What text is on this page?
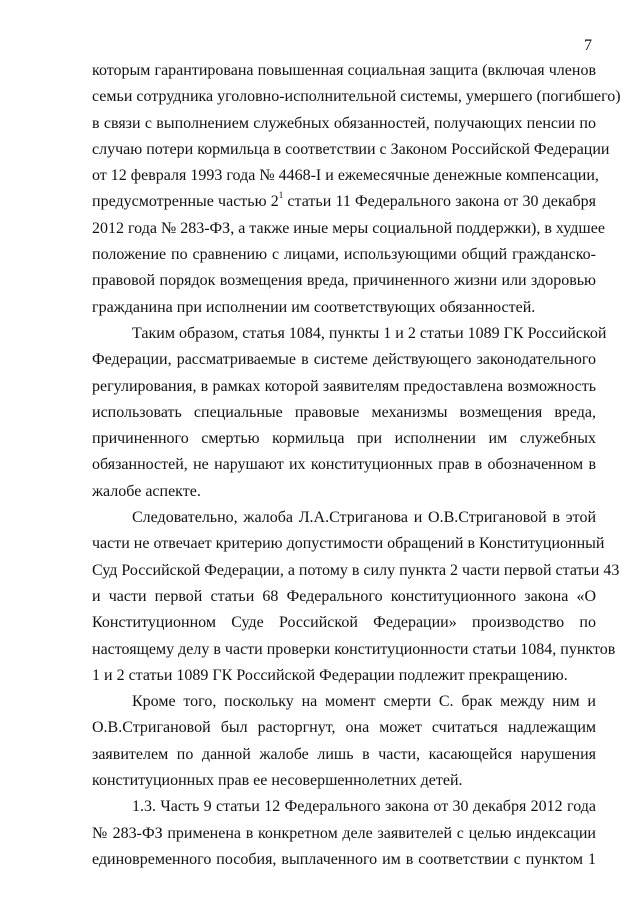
7
которым гарантирована повышенная социальная защита (включая членов
семьи сотрудника уголовно-исполнительной системы, умершего (погибшего)
в связи с выполнением служебных обязанностей, получающих пенсии по
случаю потери кормильца в соответствии с Законом Российской Федерации
от 12 февраля 1993 года № 4468-I и ежемесячные денежные компенсации,
предусмотренные частью $2^1$ статьи 11 Федерального закона от 30 декабря
2012 года № 283-ФЗ, а также иные меры социальной поддержки), в худшее
положение по сравнению с лицами, использующими общий гражданско-
правовой порядок возмещения вреда, причиненного жизни или здоровью
гражданина при исполнении им соответствующих обязанностей.
Таким образом, статья 1084, пункты 1 и 2 статьи 1089 ГК Российской
Федерации, рассматриваемые в системе действующего законодательного
регулирования, в рамках которой заявителям предоставлена возможность
использовать специальные правовые механизмы возмещения вреда,
причиненного смертью кормильца при исполнении им служебных
обязанностей, не нарушают их конституционных прав в обозначенном в
жалобе аспекте.
Следовательно, жалоба Л.А.Стриганова и О.В.Стригановой в этой
части не отвечает критерию допустимости обращений в Конституционный
Суд Российской Федерации, а потому в силу пункта 2 части первой статьи 43
и части первой статьи 68 Федерального конституционного закона «О
Конституционном Суде Российской Федерации» производство по
настоящему делу в части проверки конституционности статьи 1084, пунктов
1 и 2 статьи 1089 ГК Российской Федерации подлежит прекращению.
Кроме того, поскольку на момент смерти С. брак между ним и
О.В.Стригановой был расторгнут, она может считаться надлежащим
заявителем по данной жалобе лишь в части, касающейся нарушения
конституционных прав ее несовершеннолетних детей.
1.3. Часть 9 статьи 12 Федерального закона от 30 декабря 2012 года
№ 283-ФЗ применена в конкретном деле заявителей с целью индексации
единовременного пособия, выплаченного им в соответствии с пунктом 1
